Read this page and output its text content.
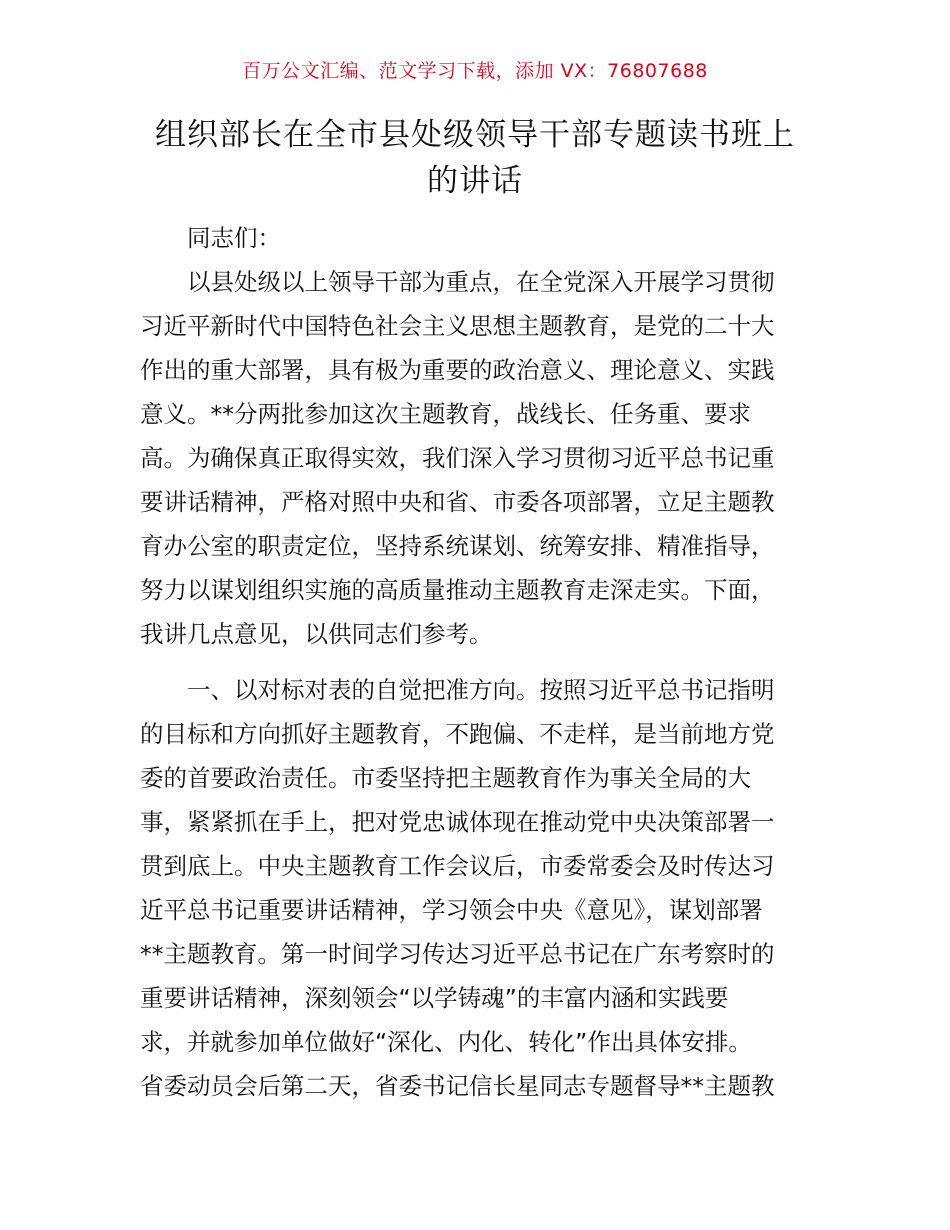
百万公文汇编、范文学习下载，添加 VX：76807688
组织部长在全市县处级领导干部专题读书班上
的讲话
同志们：
以县处级以上领导干部为重点，在全党深入开展学习贯彻
习近平新时代中国特色社会主义思想主题教育，是党的二十大
作出的重大部署，具有极为重要的政治意义、理论意义、实践
意义。**分两批参加这次主题教育，战线长、任务重、要求
高。为确保真正取得实效，我们深入学习贯彻习近平总书记重
要讲话精神，严格对照中央和省、市委各项部署，立足主题教
育办公室的职责定位，坚持系统谋划、统筹安排、精准指导，
努力以谋划组织实施的高质量推动主题教育走深走实。下面，
我讲几点意见，以供同志们参考。
一、以对标对表的自觉把准方向。按照习近平总书记指明
的目标和方向抓好主题教育，不跑偏、不走样，是当前地方党
委的首要政治责任。市委坚持把主题教育作为事关全局的大
事，紧紧抓在手上，把对党忠诚体现在推动党中央决策部署一
贯到底上。中央主题教育工作会议后，市委常委会及时传达习
近平总书记重要讲话精神，学习领会中央《意见》，谋划部署
**主题教育。第一时间学习传达习近平总书记在广东考察时的
重要讲话精神，深刻领会“以学铸魂”的丰富内涵和实践要
求，并就参加单位做好“深化、内化、转化”作出具体安排。
省委动员会后第二天，省委书记信长星同志专题督导**主题教
